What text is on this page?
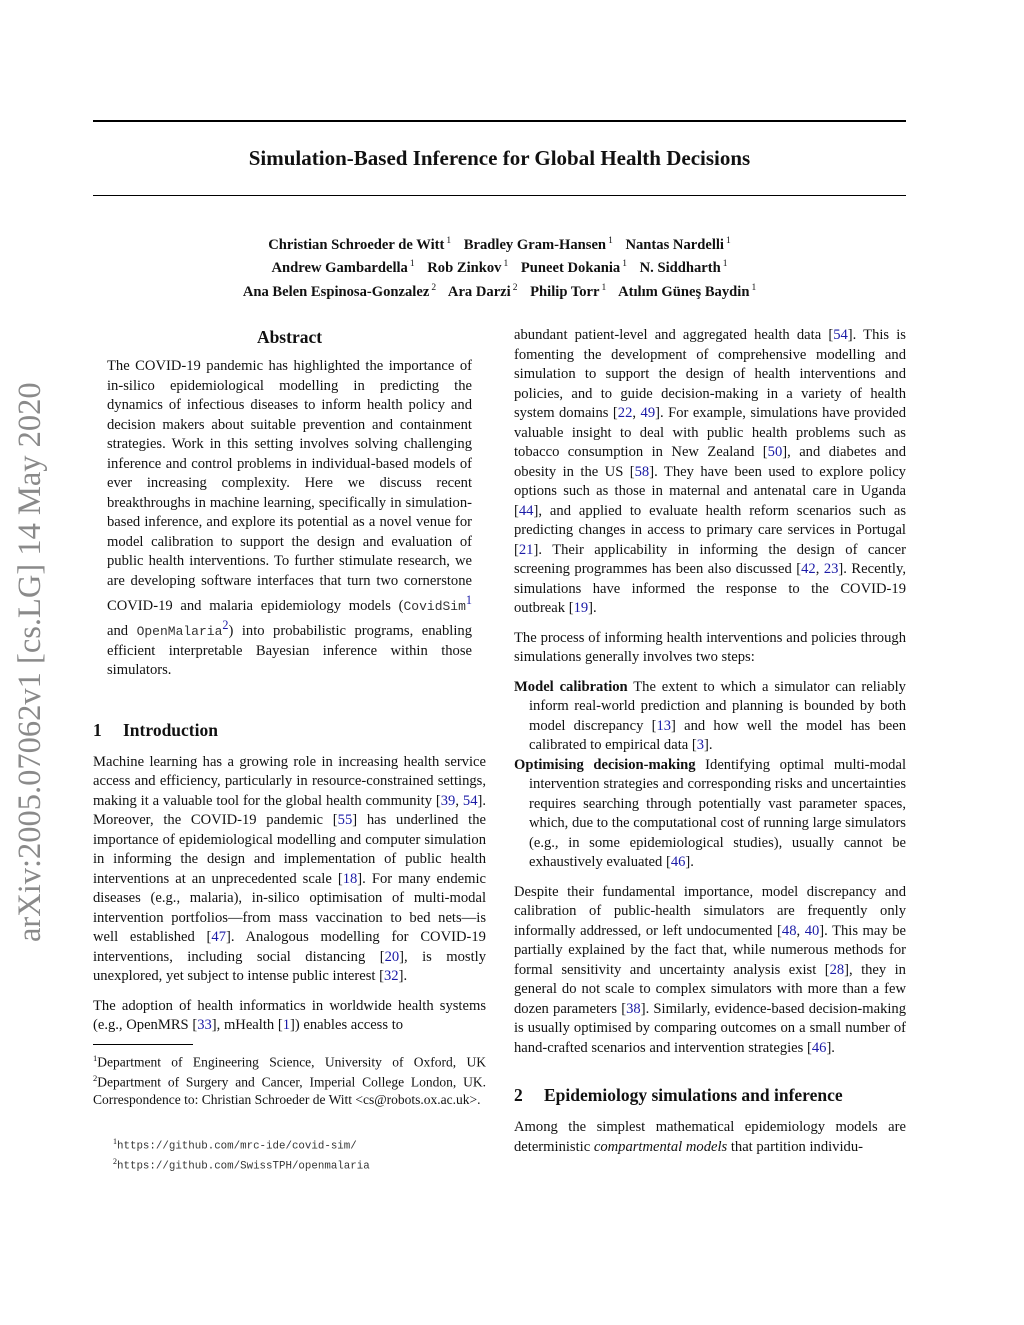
Simulation-Based Inference for Global Health Decisions
Christian Schroeder de Witt $^1$ Bradley Gram-Hansen $^1$ Nantas Nardelli $^1$
Andrew Gambardella $^1$ Rob Zinkov $^1$ Puneet Dokania $^1$ N. Siddharth $^1$
Ana Belen Espinosa-Gonzalez $^2$ Ara Darzi $^2$ Philip Torr $^1$ Atılım Güneş Baydin $^1$
arXiv:2005.07062v1 [cs.LG] 14 May 2020
Abstract

The COVID-19 pandemic has highlighted the importance of in-silico epidemiological modelling in predicting the dynamics of infectious diseases to inform health policy and decision makers about suitable prevention and containment strategies. Work in this setting involves solving challenging inference and control problems in individual-based models of ever increasing complexity. Here we discuss recent breakthroughs in machine learning, specifically in simulation-based inference, and explore its potential as a novel venue for model calibration to support the design and evaluation of public health interventions. To further stimulate research, we are developing software interfaces that turn two cornerstone COVID-19 and malaria epidemiology models (CovidSim$^1$ and OpenMalaria$^2$) into probabilistic programs, enabling efficient interpretable Bayesian inference within those simulators.

1 Introduction

Machine learning has a growing role in increasing health service access and efficiency, particularly in resource-constrained settings, making it a valuable tool for the global health community [39, 54]. Moreover, the COVID-19 pandemic [55] has underlined the importance of epidemiological modelling and computer simulation in informing the design and implementation of public health interventions at an unprecedented scale [18]. For many endemic diseases (e.g., malaria), in-silico optimisation of multi-modal intervention portfolios—from mass vaccination to bed nets—is well established [47]. Analogous modelling for COVID-19 interventions, including social distancing [20], is mostly unexplored, yet subject to intense public interest [32].

The adoption of health informatics in worldwide health systems (e.g., OpenMRS [33], mHealth [1]) enables access to

$^1$Department of Engineering Science, University of Oxford, UK $^2$Department of Surgery and Cancer, Imperial College London, UK. Correspondence to: Christian Schroeder de Witt <cs@robots.ox.ac.uk>.

$^1$https://github.com/mrc-ide/covid-sim/
$^2$https://github.com/SwissTPH/openmalaria

abundant patient-level and aggregated health data [54]. This is fomenting the development of comprehensive modelling and simulation to support the design of health interventions and policies, and to guide decision-making in a variety of health system domains [22, 49]. For example, simulations have provided valuable insight to deal with public health problems such as tobacco consumption in New Zealand [50], and diabetes and obesity in the US [58]. They have been used to explore policy options such as those in maternal and antenatal care in Uganda [44], and applied to evaluate health reform scenarios such as predicting changes in access to primary care services in Portugal [21]. Their applicability in informing the design of cancer screening programmes has been also discussed [42, 23]. Recently, simulations have informed the response to the COVID-19 outbreak [19].

The process of informing health interventions and policies through simulations generally involves two steps:

Model calibration The extent to which a simulator can reliably inform real-world prediction and planning is bounded by both model discrepancy [13] and how well the model has been calibrated to empirical data [3].

Optimising decision-making Identifying optimal multi-modal intervention strategies and corresponding risks and uncertainties requires searching through potentially vast parameter spaces, which, due to the computational cost of running large simulators (e.g., in some epidemiological studies), usually cannot be exhaustively evaluated [46].

Despite their fundamental importance, model discrepancy and calibration of public-health simulators are frequently only informally addressed, or left undocumented [48, 40]. This may be partially explained by the fact that, while numerous methods for formal sensitivity and uncertainty analysis exist [28], they in general do not scale to complex simulators with more than a few dozen parameters [38]. Similarly, evidence-based decision-making is usually optimised by comparing outcomes on a small number of hand-crafted scenarios and intervention strategies [46].

2 Epidemiology simulations and inference

Among the simplest mathematical epidemiology models are deterministic compartmental models that partition individu-
